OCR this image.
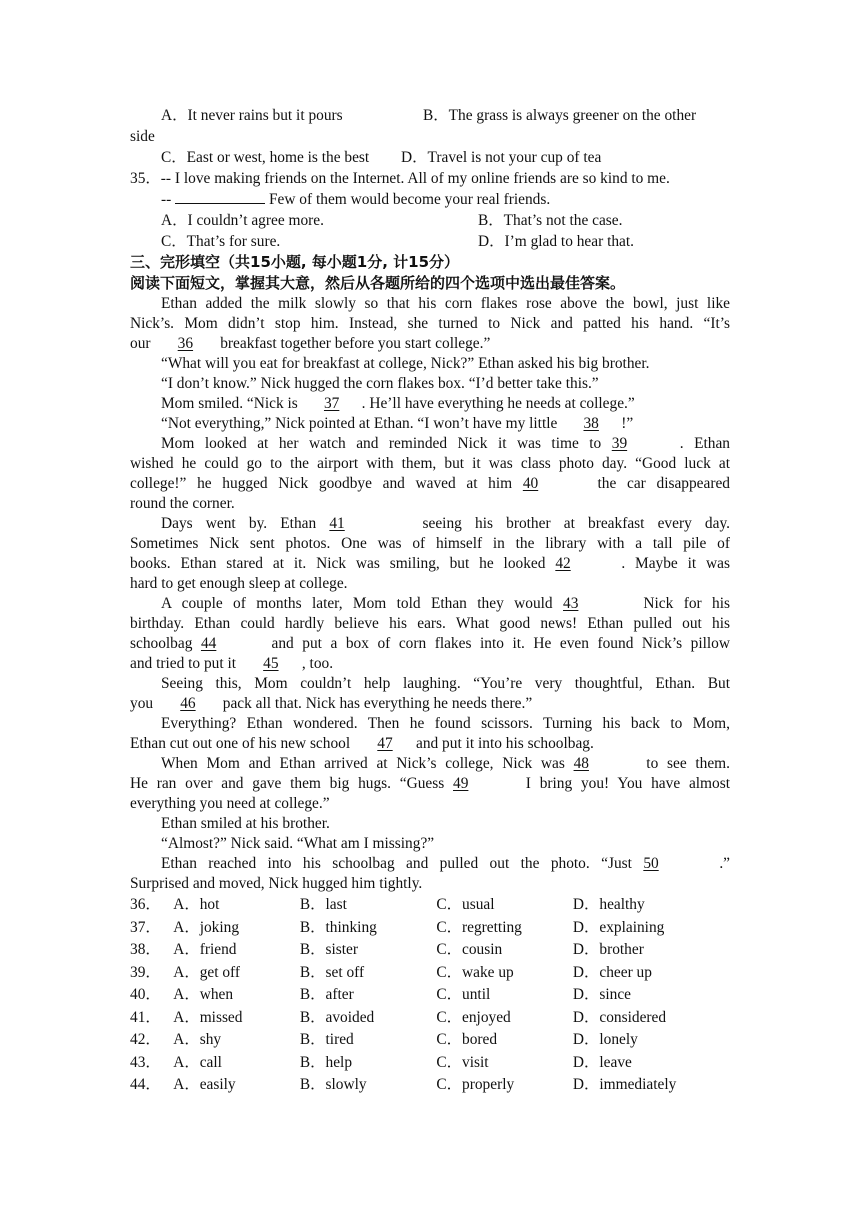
A．It never rains but it pours	B．The grass is always greener on the other
side
C．East or west, home is the best	D．Travel is not your cup of tea
35．-- I love making friends on the Internet. All of my online friends are so kind to me.
--	Few of them would become your real friends.
A．I couldn’t agree more.	B．That’s not the case.
C．That’s for sure.	D．I’m glad to hear that.
三、完形填空（共15小题, 每小题1分, 计15分）
阅读下面短文，掌握其大意，然后从各题所给的四个选项中选出最佳答案。
Ethan added the milk slowly so that his corn flakes rose above the bowl, just like
Nick’s. Mom didn’t stop him. Instead, she turned to Nick and patted his hand. “It’s
our 36 breakfast together before you start college.”
“What will you eat for breakfast at college, Nick?” Ethan asked his big brother.
“I don’t know.” Nick hugged the corn flakes box. “I’d better take this.”
Mom smiled. “Nick is 37 . He’ll have everything he needs at college.”
“Not everything,” Nick pointed at Ethan. “I won’t have my little 38 !”
Mom looked at her watch and reminded Nick it was time to 39	. Ethan
wished he could go to the airport with them, but it was class photo day. “Good luck at
college!” he hugged Nick goodbye and waved at him 40	the car disappeared
round the corner.
Days went by. Ethan 41	seeing his brother at breakfast every day.
Sometimes Nick sent photos. One was of himself in the library with a tall pile of
books. Ethan stared at it. Nick was smiling, but he looked 42	. Maybe it was
hard to get enough sleep at college.
A couple of months later, Mom told Ethan they would 43	Nick for his
birthday. Ethan could hardly believe his ears. What good news! Ethan pulled out his
schoolbag 44	and put a box of corn flakes into it. He even found Nick’s pillow
and tried to put it 45 , too.
Seeing this, Mom couldn’t help laughing. “You’re very thoughtful, Ethan. But
you 46 pack all that. Nick has everything he needs there.”
Everything? Ethan wondered. Then he found scissors. Turning his back to Mom,
Ethan cut out one of his new school 47 and put it into his schoolbag.
When Mom and Ethan arrived at Nick’s college, Nick was 48	to see them.
He ran over and gave them big hugs. “Guess 49	I bring you! You have almost
everything you need at college.”
Ethan smiled at his brother.
“Almost?” Nick said. “What am I missing?”
Ethan reached into his schoolbag and pulled out the photo. “Just 50	.”
Surprised and moved, Nick hugged him tightly.
36． A．hot	B．last	C．usual	D．healthy
37． A．joking	B．thinking	C．regretting	D．explaining
38． A．friend	B．sister	C．cousin	D．brother
39． A．get off	B．set off	C．wake up	D．cheer up
40． A．when	B．after	C．until	D．since
41． A．missed	B．avoided	C．enjoyed	D．considered
42． A．shy	B．tired	C．bored	D．lonely
43． A．call	B．help	C．visit	D．leave
44． A．easily	B．slowly	C．properly	D．immediately
